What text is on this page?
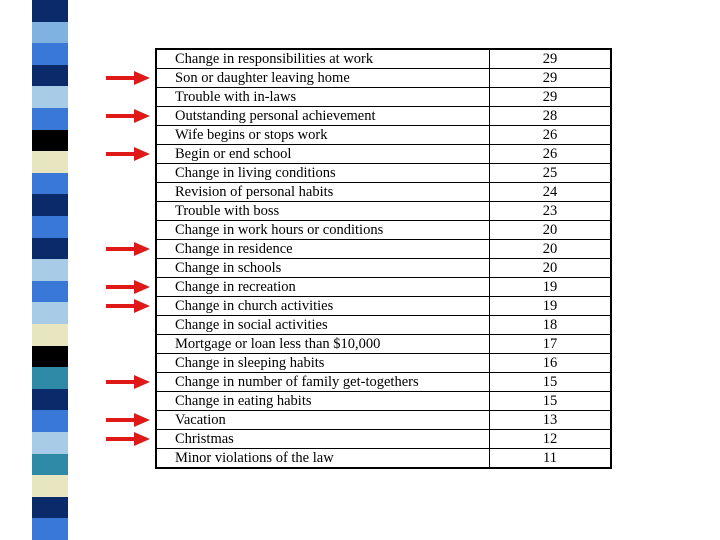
Change in responsibilities at work	29
Son or daughter leaving home	29
Trouble with in-laws	29
Outstanding personal achievement	28
Wife begins or stops work	26
Begin or end school	26
Change in living conditions	25
Revision of personal habits	24
Trouble with boss	23
Change in work hours or conditions	20
Change in residence	20
Change in schools	20
Change in recreation	19
Change in church activities	19
Change in social activities	18
Mortgage or loan less than $10,000	17
Change in sleeping habits	16
Change in number of family get-togethers	15
Change in eating habits	15
Vacation	13
Christmas	12
Minor violations of the law	11
